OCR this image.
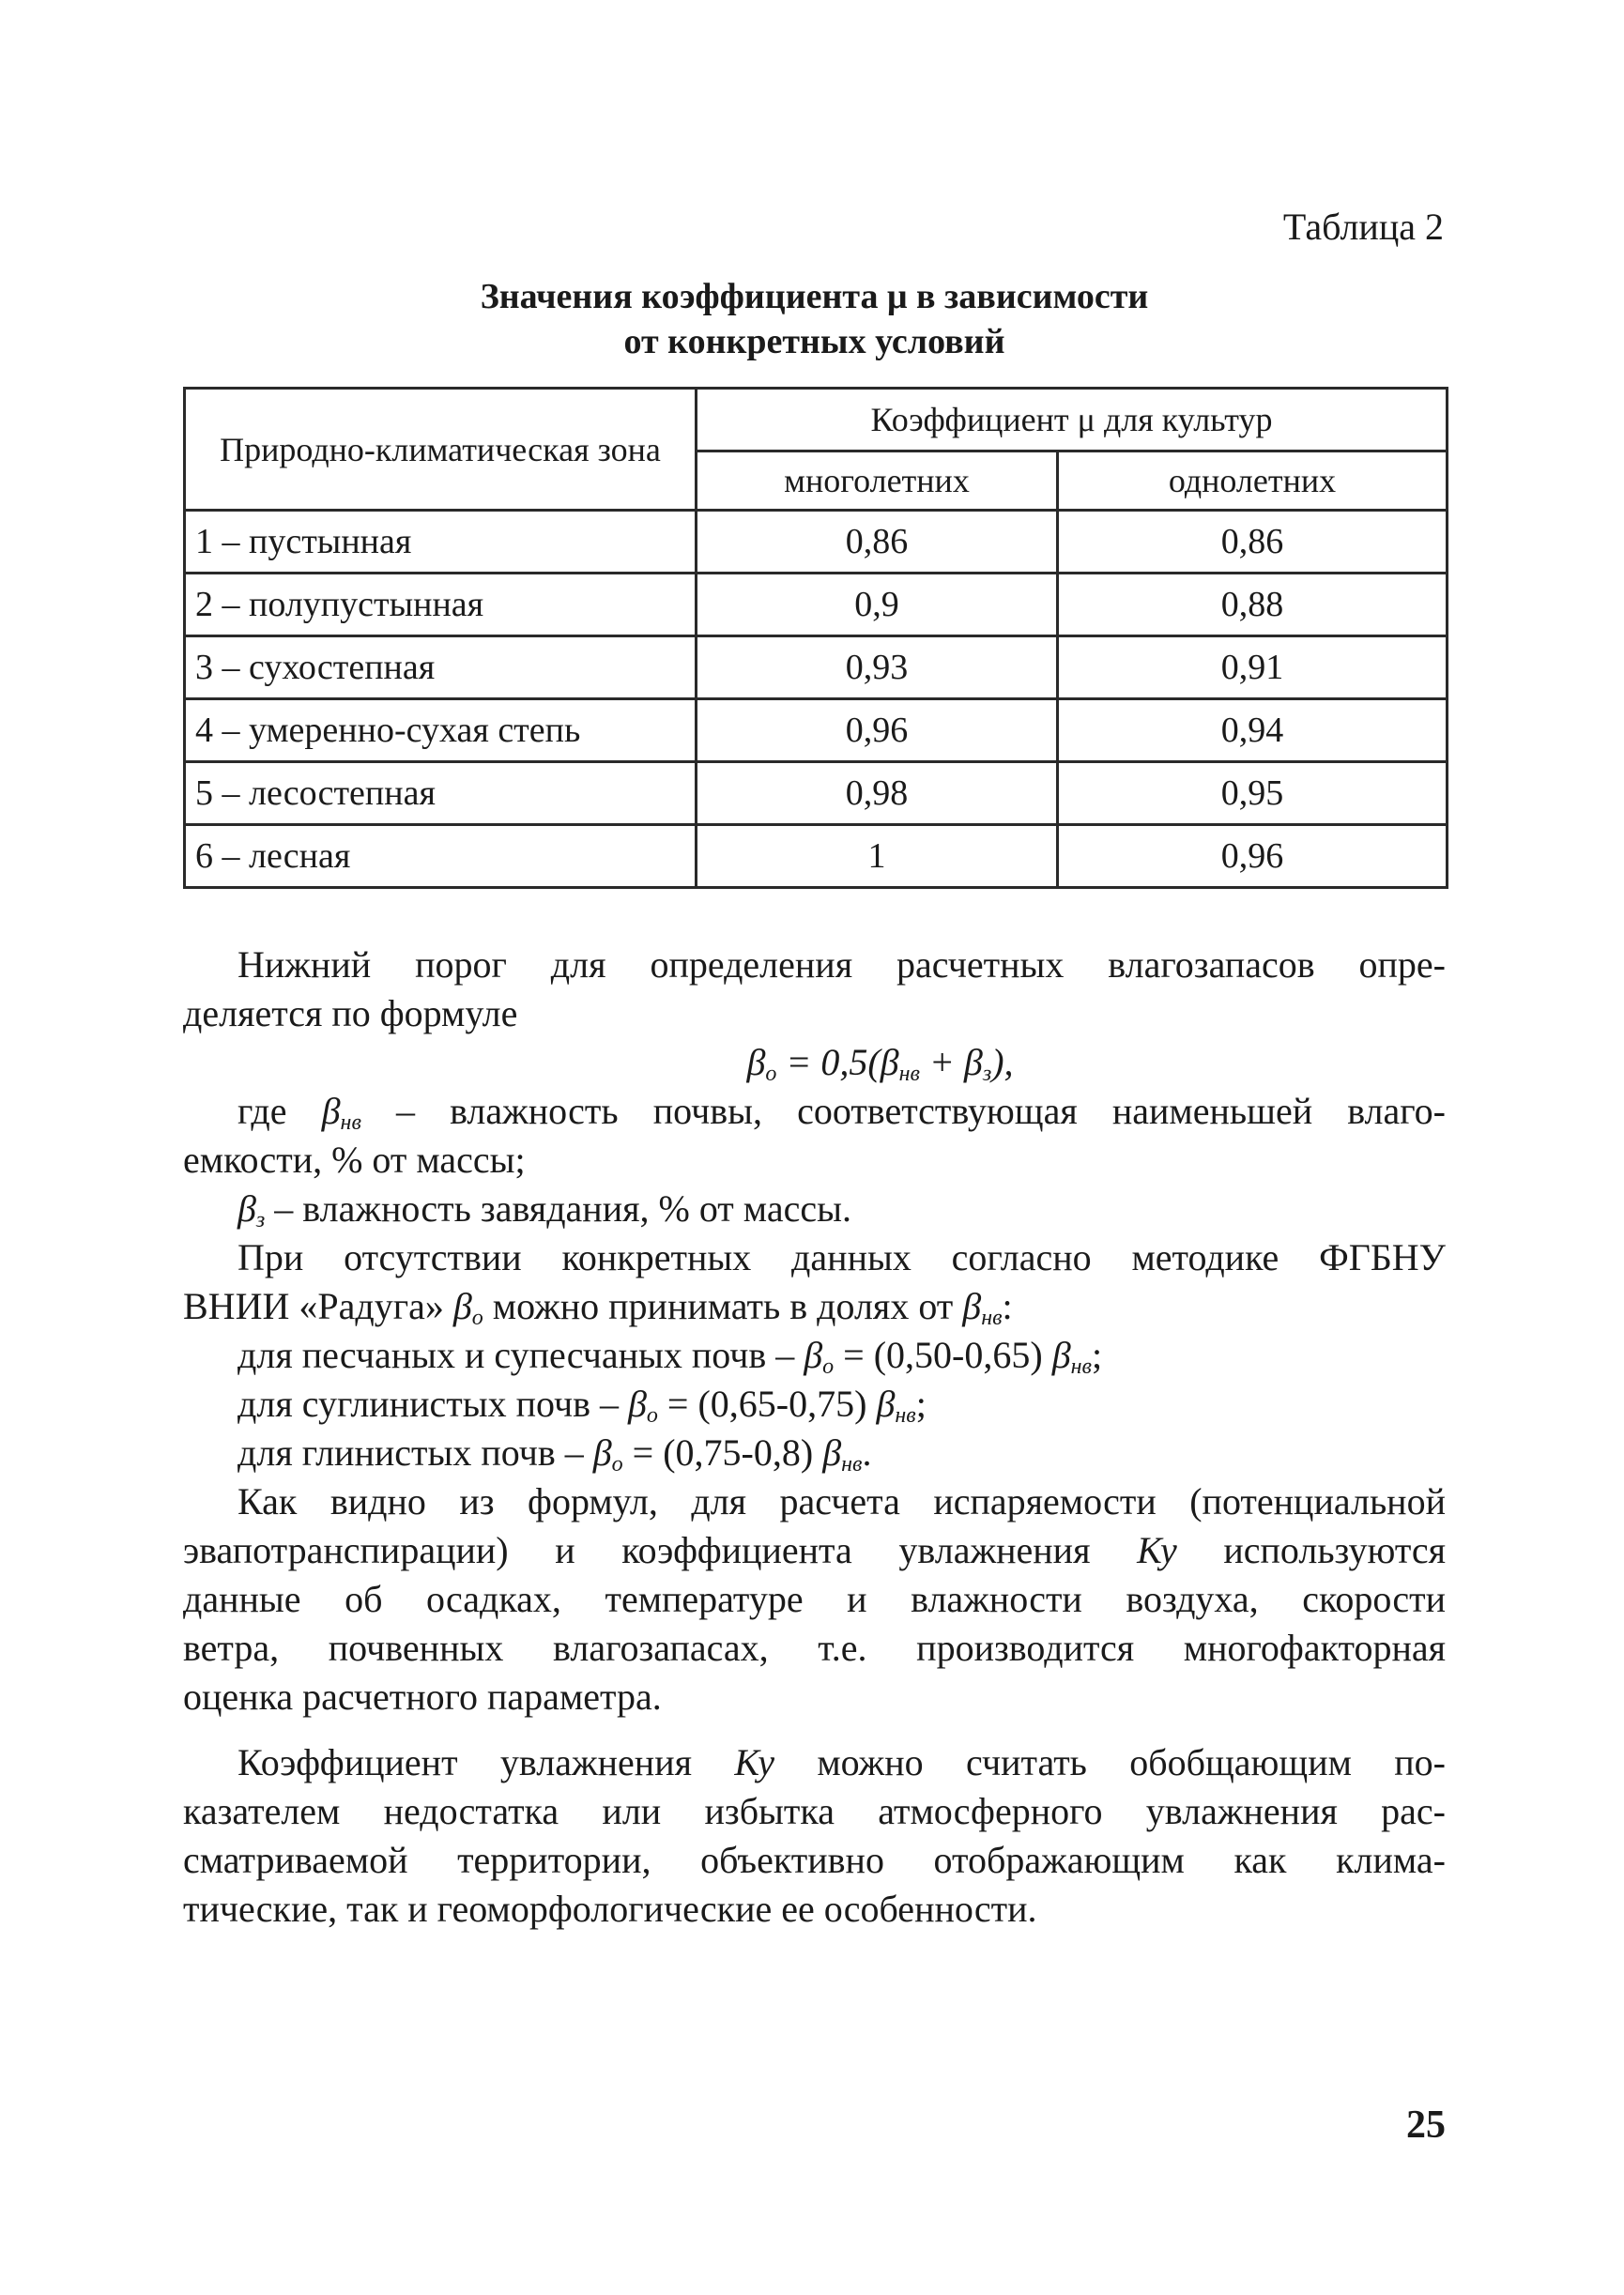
Таблица 2
Значения коэффициента μ в зависимости
от конкретных условий
Природно-климатическая зона	Коэффициент μ для культур	
	многолетних	однолетних
1 – пустынная	0,86	0,86
2 – полупустынная	0,9	0,88
3 – сухостепная	0,93	0,91
4 – умеренно-сухая степь	0,96	0,94
5 – лесостепная	0,98	0,95
6 – лесная	1	0,96

Нижний порог для определения расчетных влагозапасов опре-

деляется по формуле

$\beta_о = 0,5(\beta_{нв} + \beta_з)$,

где $\beta_{нв}$ – влажность почвы, соответствующая наименьшей влаго-

емкости, % от массы;

$\beta_з$ – влажность завядания, % от массы.

При отсутствии конкретных данных согласно методике ФГБНУ

ВНИИ «Радуга» $\beta_о$ можно принимать в долях от $\beta_{нв}$:

для песчаных и супесчаных почв – $\beta_о = (0,50-0,65)$ $\beta_{нв}$;

для суглинистых почв – $\beta_о = (0,65-0,75)$ $\beta_{нв}$;

для глинистых почв – $\beta_о = (0,75-0,8)$ $\beta_{нв}$.

Как видно из формул, для расчета испаряемости (потенциальной

эвапотранспирации) и коэффициента увлажнения Ку используются

данные об осадках, температуре и влажности воздуха, скорости

ветра, почвенных влагозапасах, т.е. производится многофакторная

оценка расчетного параметра.

Коэффициент увлажнения Ку можно считать обобщающим по-

казателем недостатка или избытка атмосферного увлажнения рас-

сматриваемой территории, объективно отображающим как клима-

тические, так и геоморфологические ее особенности.

25
